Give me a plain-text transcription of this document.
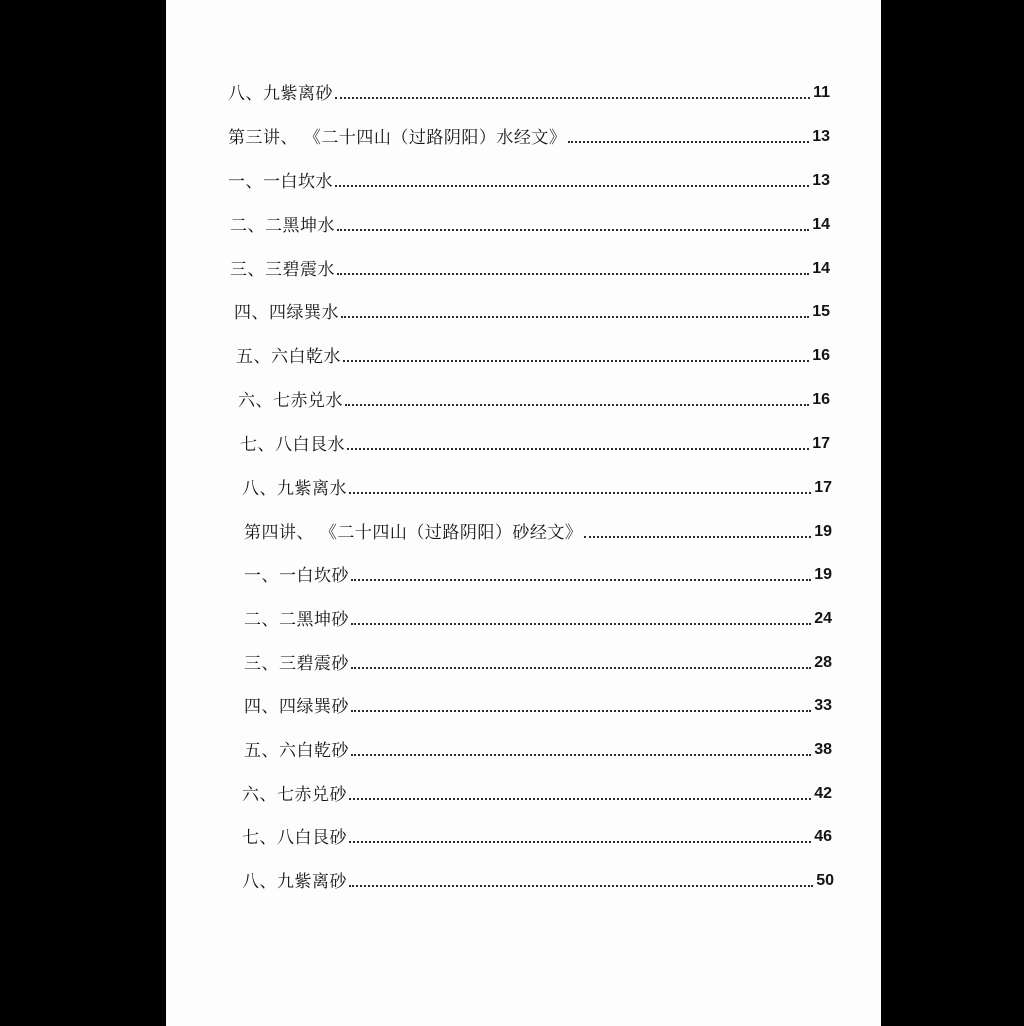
八、九紫离砂	11
第三讲、 《二十四山（过路阴阳）水经文》	13
一、一白坎水	13
二、二黑坤水	14
三、三碧震水	14
四、四绿巽水	15
五、六白乾水	16
六、七赤兑水	16
七、八白艮水	17
八、九紫离水	17
第四讲、 《二十四山（过路阴阳）砂经文》	19
一、一白坎砂	19
二、二黑坤砂	24
三、三碧震砂	28
四、四绿巽砂	33
五、六白乾砂	38
六、七赤兑砂	42
七、八白艮砂	46
八、九紫离砂	50
